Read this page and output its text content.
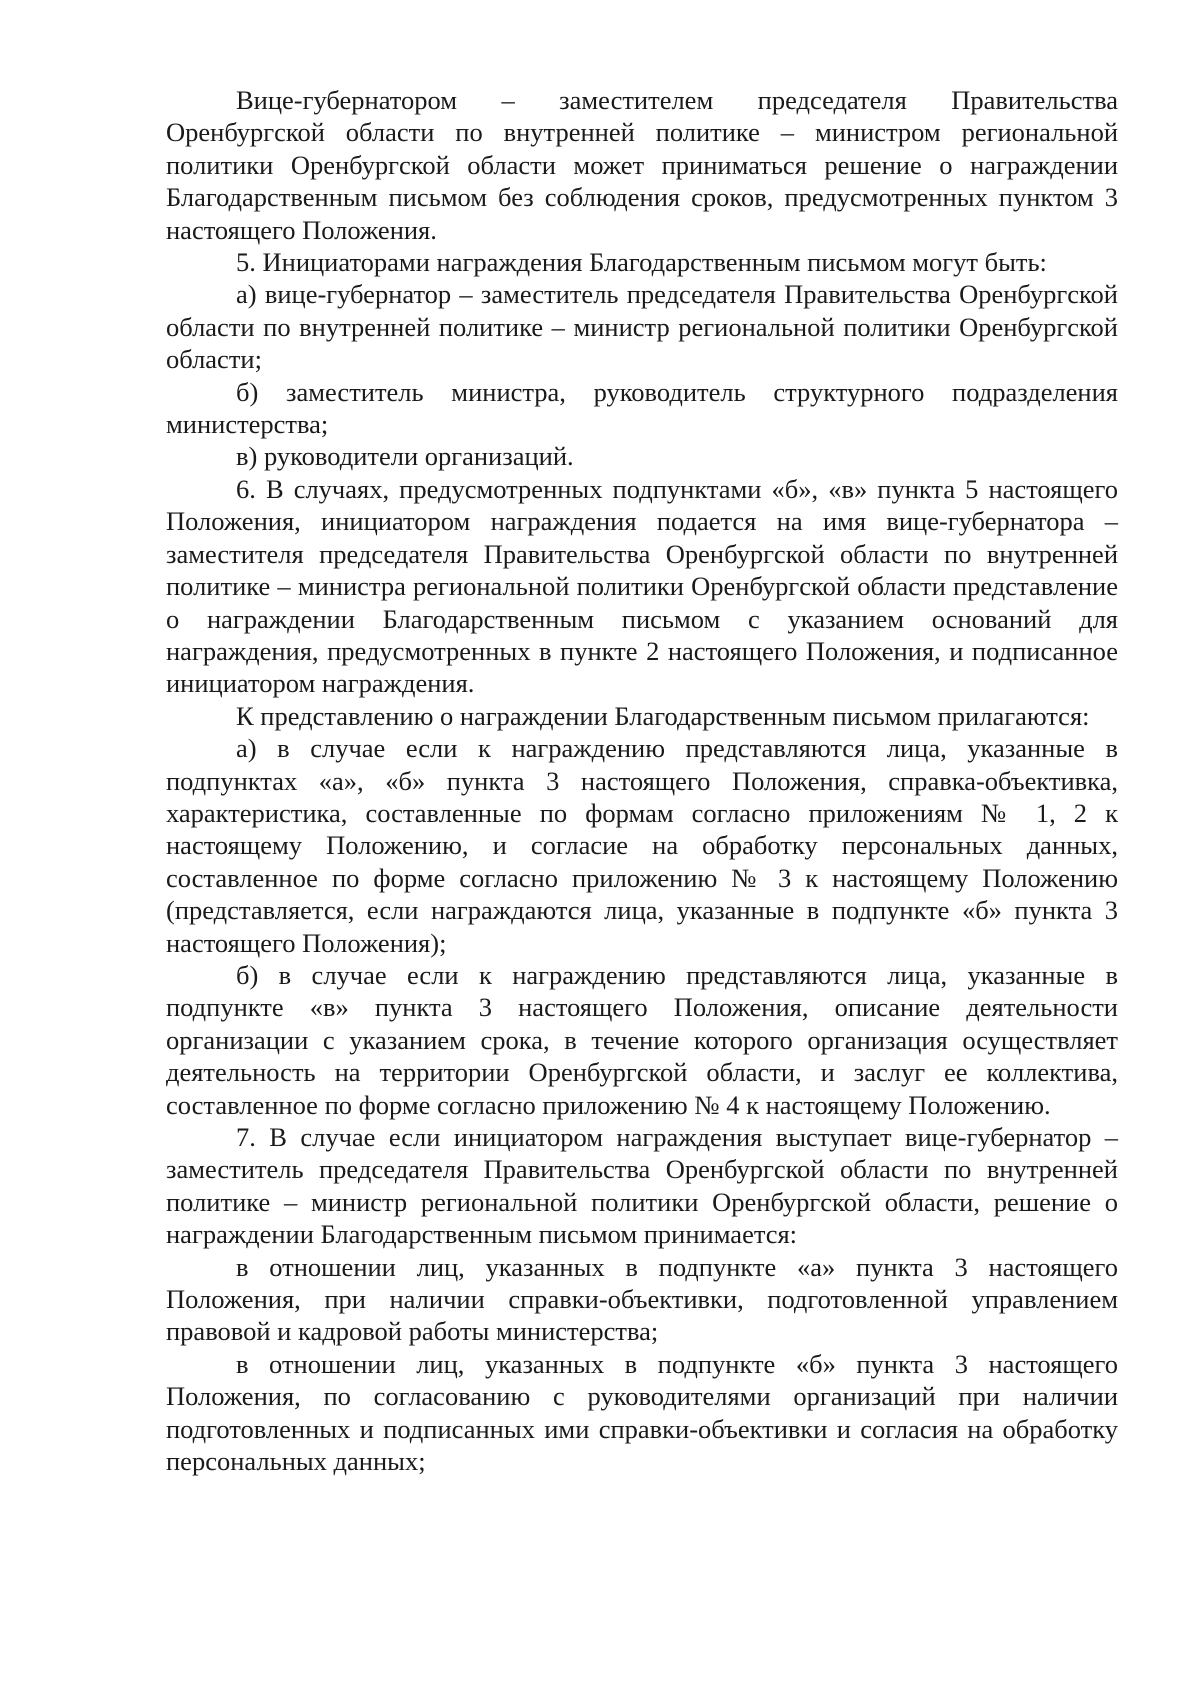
Вице-губернатором – заместителем председателя Правительства Оренбургской области по внутренней политике – министром региональной политики Оренбургской области может приниматься решение о награждении Благодарственным письмом без соблюдения сроков, предусмотренных пунктом 3 настоящего Положения.

5. Инициаторами награждения Благодарственным письмом могут быть:

а) вице-губернатор – заместитель председателя Правительства Оренбургской области по внутренней политике – министр региональной политики Оренбургской области;

б) заместитель министра, руководитель структурного подразделения министерства;

в) руководители организаций.

6. В случаях, предусмотренных подпунктами «б», «в» пункта 5 настоящего Положения, инициатором награждения подается на имя вице-губернатора – заместителя председателя Правительства Оренбургской области по внутренней политике – министра региональной политики Оренбургской области представление о награждении Благодарственным письмом с указанием оснований для награждения, предусмотренных в пункте 2 настоящего Положения, и подписанное инициатором награждения.

К представлению о награждении Благодарственным письмом прилагаются:

а) в случае если к награждению представляются лица, указанные в подпунктах «а», «б» пункта 3 настоящего Положения, справка-объективка, характеристика, составленные по формам согласно приложениям № 1, 2 к настоящему Положению, и согласие на обработку персональных данных, составленное по форме согласно приложению № 3 к настоящему Положению (представляется, если награждаются лица, указанные в подпункте «б» пункта 3 настоящего Положения);

б) в случае если к награждению представляются лица, указанные в подпункте «в» пункта 3 настоящего Положения, описание деятельности организации с указанием срока, в течение которого организация осуществляет деятельность на территории Оренбургской области, и заслуг ее коллектива, составленное по форме согласно приложению № 4 к настоящему Положению.

7. В случае если инициатором награждения выступает вице-губернатор – заместитель председателя Правительства Оренбургской области по внутренней политике – министр региональной политики Оренбургской области, решение о награждении Благодарственным письмом принимается:

в отношении лиц, указанных в подпункте «а» пункта 3 настоящего Положения, при наличии справки-объективки, подготовленной управлением правовой и кадровой работы министерства;

в отношении лиц, указанных в подпункте «б» пункта 3 настоящего Положения, по согласованию с руководителями организаций при наличии подготовленных и подписанных ими справки-объективки и согласия на обработку персональных данных;
